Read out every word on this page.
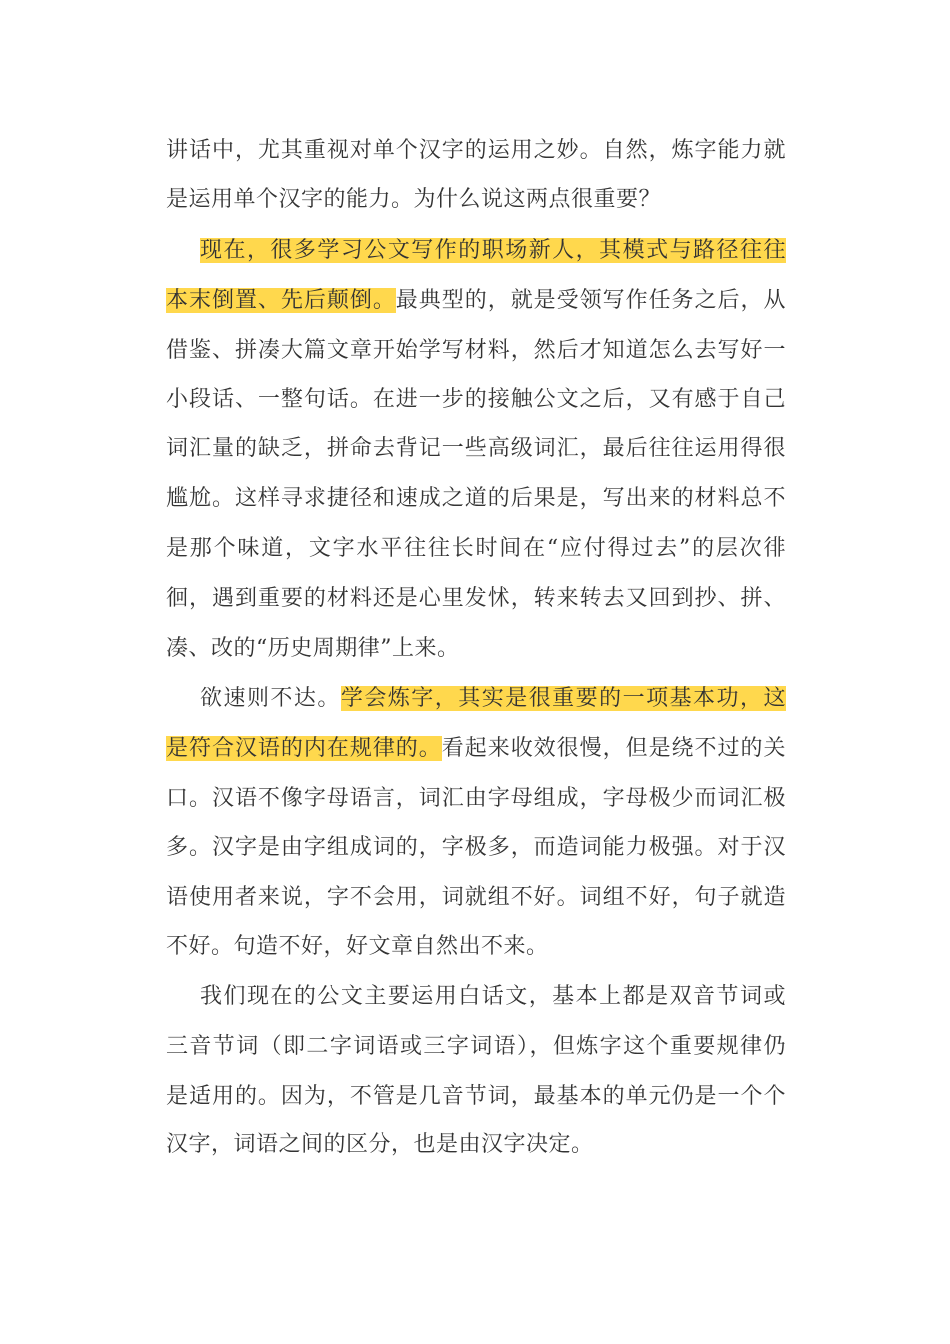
讲话中，尤其重视对单个汉字的运用之妙。自然，炼字能力就
是运用单个汉字的能力。为什么说这两点很重要？
现在，很多学习公文写作的职场新人，其模式与路径往往
本末倒置、先后颠倒。最典型的，就是受领写作任务之后，从
借鉴、拼凑大篇文章开始学写材料，然后才知道怎么去写好一
小段话、一整句话。在进一步的接触公文之后，又有感于自己
词汇量的缺乏，拼命去背记一些高级词汇，最后往往运用得很
尴尬。这样寻求捷径和速成之道的后果是，写出来的材料总不
是那个味道，文字水平往往长时间在“应付得过去”的层次徘
徊，遇到重要的材料还是心里发怵，转来转去又回到抄、拼、
凑、改的“历史周期律”上来。
欲速则不达。学会炼字，其实是很重要的一项基本功，这
是符合汉语的内在规律的。看起来收效很慢，但是绕不过的关
口。汉语不像字母语言，词汇由字母组成，字母极少而词汇极
多。汉字是由字组成词的，字极多，而造词能力极强。对于汉
语使用者来说，字不会用，词就组不好。词组不好，句子就造
不好。句造不好，好文章自然出不来。
我们现在的公文主要运用白话文，基本上都是双音节词或
三音节词（即二字词语或三字词语），但炼字这个重要规律仍
是适用的。因为，不管是几音节词，最基本的单元仍是一个个
汉字，词语之间的区分，也是由汉字决定。
